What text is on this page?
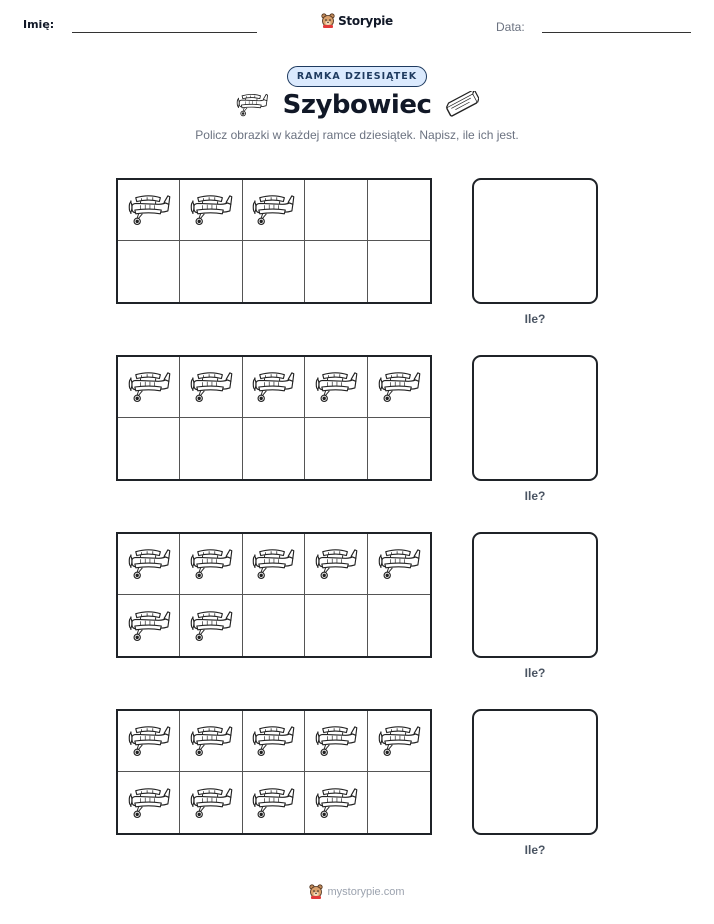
Imię:	Storypie	Data:
RAMKA DZIESIĄTEK
Szybowiec
Policz obrazki w każdej ramce dziesiątek. Napisz, ile ich jest.
Ile?
Ile?
Ile?
Ile?
mystorypie.com
